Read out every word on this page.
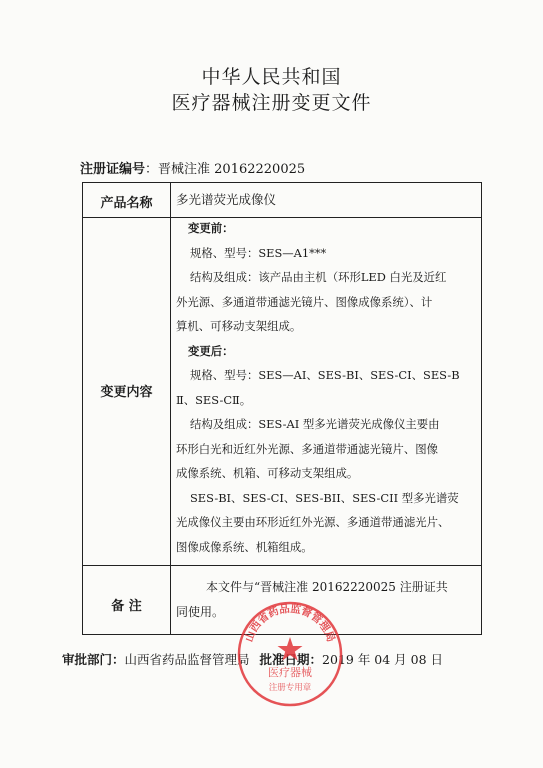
中华人民共和国
医疗器械注册变更文件
注册证编号：晋械注准 20162220025
产品名称	多光谱荧光成像仪
变更内容
变更前：
规格、型号：SES—A1***
结构及组成：该产品由主机（环形LED 白光及近红
外光源、多通道带通滤光镜片、图像成像系统）、计
算机、可移动支架组成。
变更后：
规格、型号：SES—AI、SES-BI、SES-CI、SES-B
Ⅱ、SES-CⅡ。
结构及组成：SES-AI 型多光谱荧光成像仪主要由
环形白光和近红外光源、多通道带通滤光镜片、图像
成像系统、机箱、可移动支架组成。
SES-BI、SES-CI、SES-BII、SES-CII 型多光谱荧
光成像仪主要由环形近红外光源、多通道带通滤光片、
图像成像系统、机箱组成。
备 注
本文件与“晋械注准 20162220025 注册证共
同使用。
审批部门：山西省药品监督管理局 批准日期：2019 年 04 月 08 日
山西省药品监督管理局
医疗器械
注册专用章
